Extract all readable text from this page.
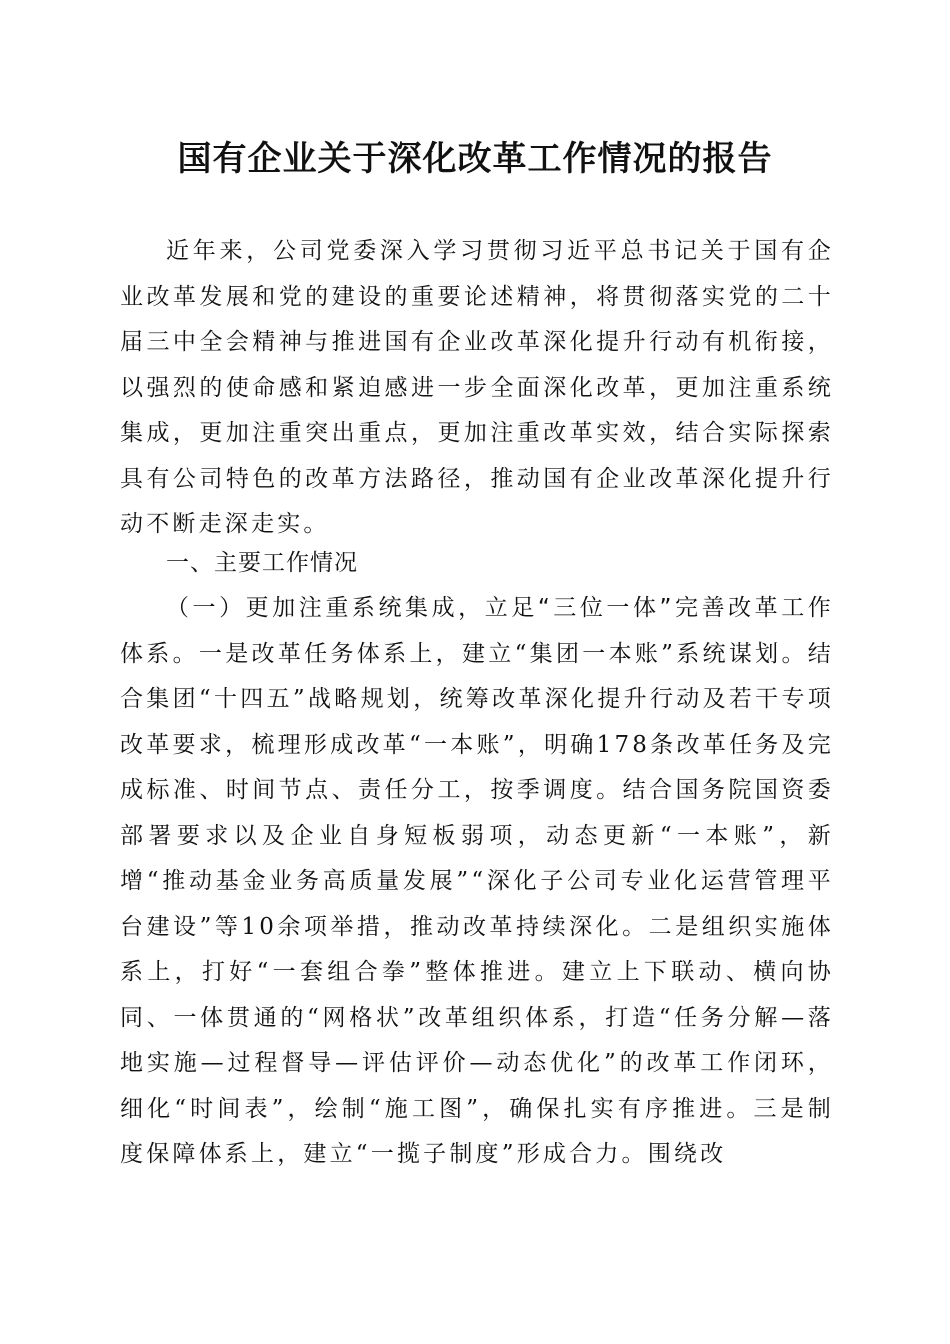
国有企业关于深化改革工作情况的报告

近年来，公司党委深入学习贯彻习近平总书记关于国有企业改革发展和党的建设的重要论述精神，将贯彻落实党的二十届三中全会精神与推进国有企业改革深化提升行动有机衔接，以强烈的使命感和紧迫感进一步全面深化改革，更加注重系统集成，更加注重突出重点，更加注重改革实效，结合实际探索具有公司特色的改革方法路径，推动国有企业改革深化提升行动不断走深走实。

一、主要工作情况

（一）更加注重系统集成，立足“三位一体”完善改革工作体系。一是改革任务体系上，建立“集团一本账”系统谋划。结合集团“十四五”战略规划，统筹改革深化提升行动及若干专项改革要求，梳理形成改革“一本账”，明确178条改革任务及完成标准、时间节点、责任分工，按季调度。结合国务院国资委部署要求以及企业自身短板弱项，动态更新“一本账”，新增“推动基金业务高质量发展”“深化子公司专业化运营管理平台建设”等10余项举措，推动改革持续深化。二是组织实施体系上，打好“一套组合拳”整体推进。建立上下联动、横向协同、一体贯通的“网格状”改革组织体系，打造“任务分解—落地实施—过程督导—评估评价—动态优化”的改革工作闭环，细化“时间表”，绘制“施工图”，确保扎实有序推进。三是制度保障体系上，建立“一揽子制度”形成合力。围绕改
